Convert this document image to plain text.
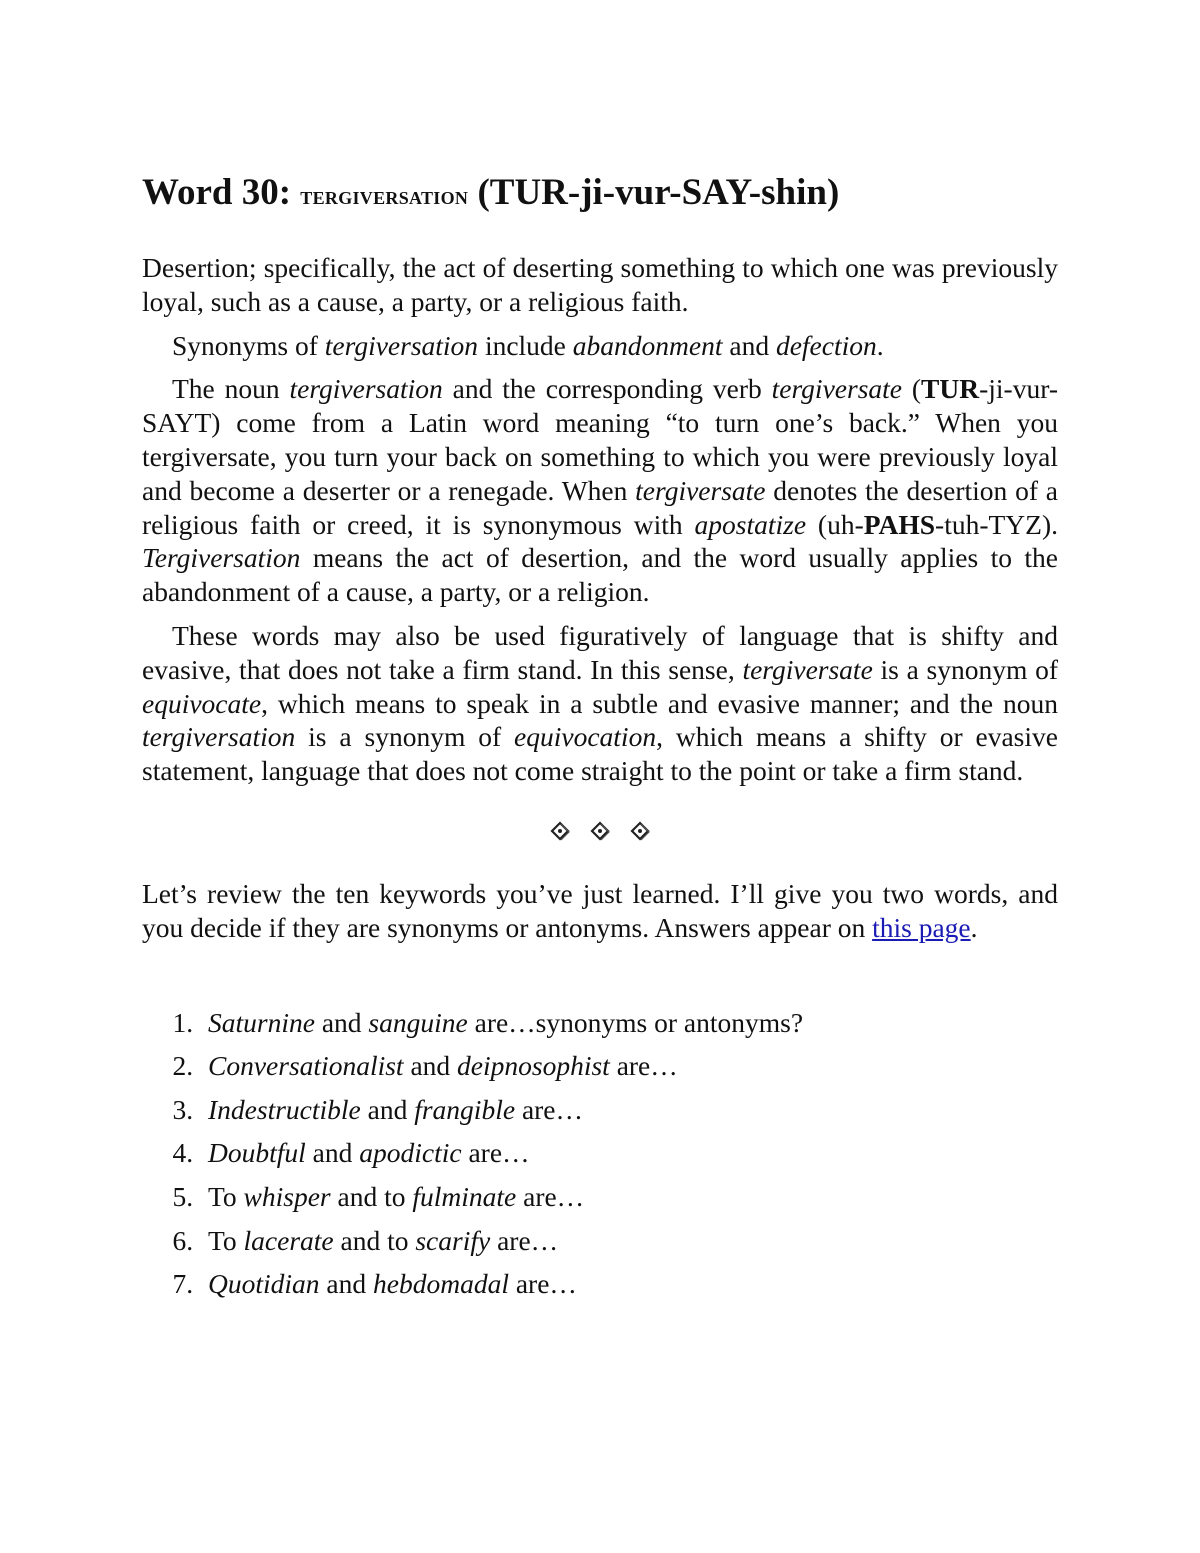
Word 30: TERGIVERSATION (TUR-ji-vur-SAY-shin)

Desertion; specifically, the act of deserting something to which one was previously loyal, such as a cause, a party, or a religious faith.

Synonyms of tergiversation include abandonment and defection.

The noun tergiversation and the corresponding verb tergiversate (TUR-ji-vur-SAYT) come from a Latin word meaning “to turn one’s back.” When you tergiversate, you turn your back on something to which you were previously loyal and become a deserter or a renegade. When tergiversate denotes the desertion of a religious faith or creed, it is synonymous with apostatize (uh-PAHS-tuh-TYZ). Tergiversation means the act of desertion, and the word usually applies to the abandonment of a cause, a party, or a religion.

These words may also be used figuratively of language that is shifty and evasive, that does not take a firm stand. In this sense, tergiversate is a synonym of equivocate, which means to speak in a subtle and evasive manner; and the noun tergiversation is a synonym of equivocation, which means a shifty or evasive statement, language that does not come straight to the point or take a firm stand.

Let’s review the ten keywords you’ve just learned. I’ll give you two words, and you decide if they are synonyms or antonyms. Answers appear on this page.

1. Saturnine and sanguine are…synonyms or antonyms?
2. Conversationalist and deipnosophist are…
3. Indestructible and frangible are…
4. Doubtful and apodictic are…
5. To whisper and to fulminate are…
6. To lacerate and to scarify are…
7. Quotidian and hebdomadal are…
